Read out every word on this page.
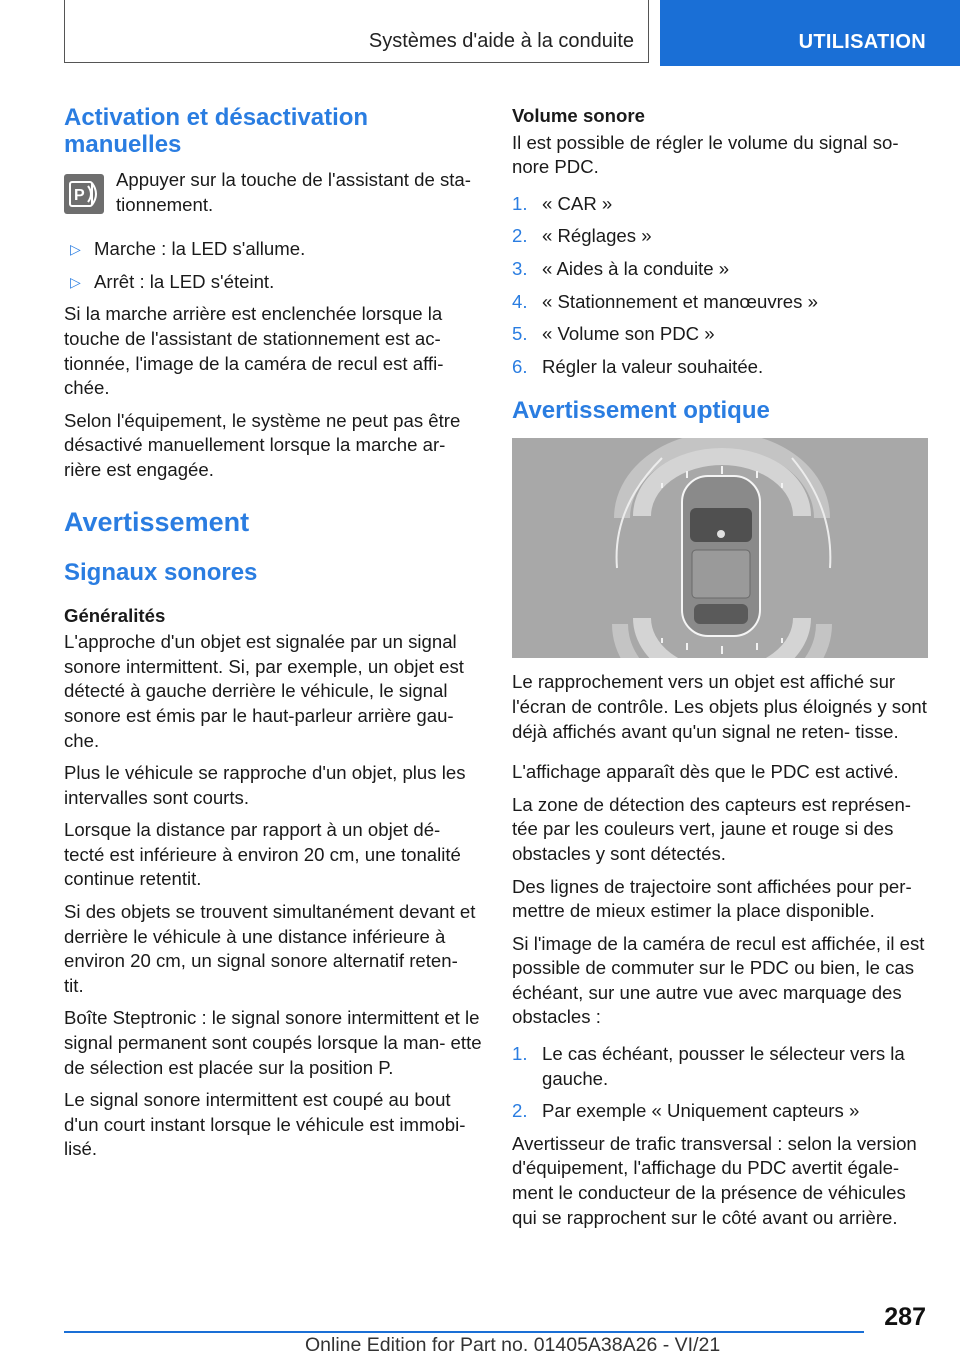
Systèmes d'aide à la conduite	UTILISATION
Activation et désactivation manuelles
P
Appuyer sur la touche de l'assistant de sta‐ tionnement.
▷ Marche : la LED s'allume.
▷ Arrêt : la LED s'éteint.

Si la marche arrière est enclenchée lorsque la touche de l'assistant de stationnement est ac‐ tionnée, l'image de la caméra de recul est affi‐ chée.

Selon l'équipement, le système ne peut pas être désactivé manuellement lorsque la marche ar‐ rière est engagée.

Avertissement
Signaux sonores
Généralités

L'approche d'un objet est signalée par un signal sonore intermittent. Si, par exemple, un objet est détecté à gauche derrière le véhicule, le signal sonore est émis par le haut-parleur arrière gau‐ che.

Plus le véhicule se rapproche d'un objet, plus les intervalles sont courts.

Lorsque la distance par rapport à un objet dé‐ tecté est inférieure à environ 20 cm, une tonalité continue retentit.

Si des objets se trouvent simultanément devant et derrière le véhicule à une distance inférieure à environ 20 cm, un signal sonore alternatif reten‐ tit.

Boîte Steptronic : le signal sonore intermittent et le signal permanent sont coupés lorsque la man‐ ette de sélection est placée sur la position P.

Le signal sonore intermittent est coupé au bout d'un court instant lorsque le véhicule est immobi‐ lisé.

Volume sonore

Il est possible de régler le volume du signal so‐ nore PDC.

1. « CAR »
2. « Réglages »
3. « Aides à la conduite »
4. « Stationnement et manœuvres »
5. « Volume son PDC »
6. Régler la valeur souhaitée.
Avertissement optique

Le rapprochement vers un objet est affiché sur l'écran de contrôle. Les objets plus éloignés y sont déjà affichés avant qu'un signal ne reten‐ tisse.

L'affichage apparaît dès que le PDC est activé.

La zone de détection des capteurs est représen‐ tée par les couleurs vert, jaune et rouge si des obstacles y sont détectés.

Des lignes de trajectoire sont affichées pour per‐ mettre de mieux estimer la place disponible.

Si l'image de la caméra de recul est affichée, il est possible de commuter sur le PDC ou bien, le cas échéant, sur une autre vue avec marquage des obstacles :

1. Le cas échéant, pousser le sélecteur vers la gauche.
2. Par exemple « Uniquement capteurs »

Avertisseur de trafic transversal : selon la version d'équipement, l'affichage du PDC avertit égale‐ ment le conducteur de la présence de véhicules qui se rapprochent sur le côté avant ou arrière.

287
Online Edition for Part no. 01405A38A26 - VI/21
